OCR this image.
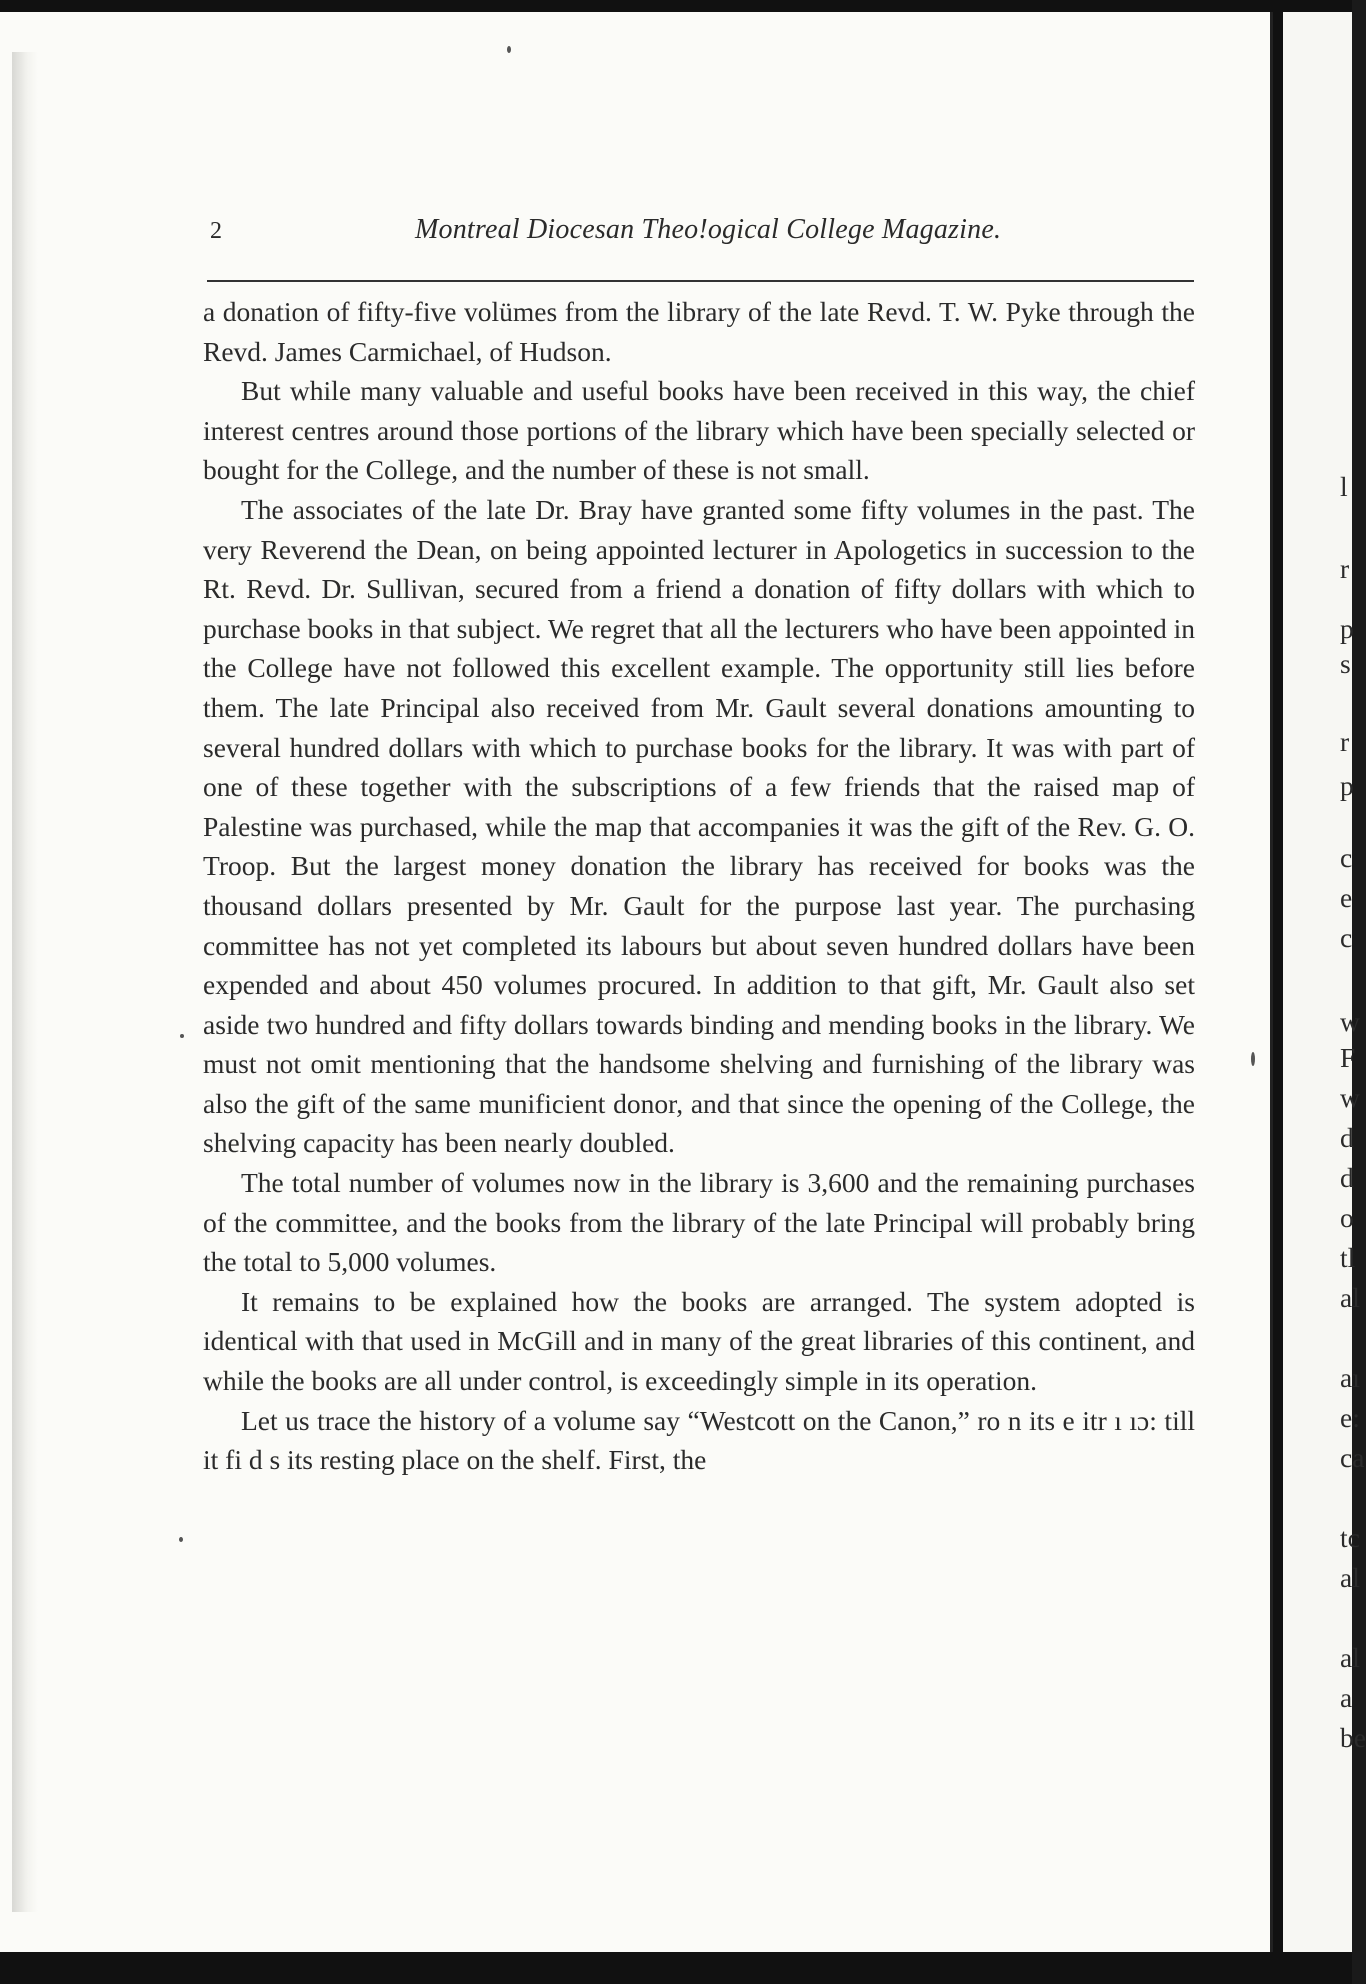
2	Montreal Diocesan Theo!ogical College Magazine.

a donation of fifty-five volümes from the library of the late Revd. T. W. Pyke through the Revd. James Carmichael, of Hudson.

But while many valuable and useful books have been received in this way, the chief interest centres around those portions of the library which have been specially selected or bought for the College, and the number of these is not small.

The associates of the late Dr. Bray have granted some fifty volumes in the past. The very Reverend the Dean, on being appointed lecturer in Apologetics in succession to the Rt. Revd. Dr. Sullivan, secured from a friend a donation of fifty dollars with which to purchase books in that subject. We regret that all the lecturers who have been appointed in the College have not followed this excellent example. The opportunity still lies before them. The late Principal also received from Mr. Gault several donations amounting to several hundred dollars with which to purchase books for the library. It was with part of one of these together with the subscriptions of a few friends that the raised map of Palestine was purchased, while the map that accompanies it was the gift of the Rev. G. O. Troop. But the largest money donation the library has received for books was the thousand dollars presented by Mr. Gault for the purpose last year. The purchasing committee has not yet completed its labours but about seven hundred dollars have been expended and about 450 volumes procured. In addition to that gift, Mr. Gault also set aside two hundred and fifty dollars towards binding and mending books in the library. We must not omit mentioning that the handsome shelving and furnishing of the library was also the gift of the same munificient donor, and that since the opening of the College, the shelving capacity has been nearly doubled.

The total number of volumes now in the library is 3,600 and the remaining purchases of the committee, and the books from the library of the late Principal will probably bring the total to 5,000 volumes.

It remains to be explained how the books are arranged. The system adopted is identical with that used in McGill and in many of the great libraries of this continent, and while the books are all under control, is exceedingly simple in its operation.

Let us trace the history of a volume say “Westcott on the Canon,” ro n its e itr ı ıɔ: till it fi d s its resting place on the shelf. First, the

l
r
p
s
r
p
c
e
c
w
F
w
d
d
o
tl
al
aı
e:
ca
tc
al
al
a
be
